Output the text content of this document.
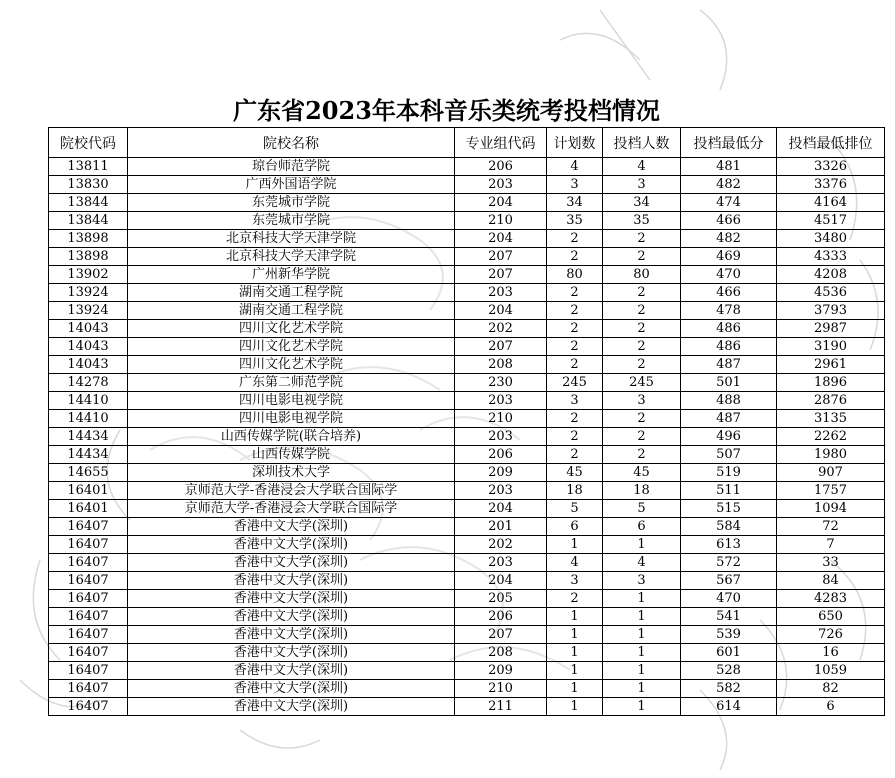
广东省2023年本科音乐类统考投档情况
院校代码	院校名称	专业组代码	计划数	投档人数	投档最低分	投档最低排位
13811	琼台师范学院	206	4	4	481	3326
13830	广西外国语学院	203	3	3	482	3376
13844	东莞城市学院	204	34	34	474	4164
13844	东莞城市学院	210	35	35	466	4517
13898	北京科技大学天津学院	204	2	2	482	3480
13898	北京科技大学天津学院	207	2	2	469	4333
13902	广州新华学院	207	80	80	470	4208
13924	湖南交通工程学院	203	2	2	466	4536
13924	湖南交通工程学院	204	2	2	478	3793
14043	四川文化艺术学院	202	2	2	486	2987
14043	四川文化艺术学院	207	2	2	486	3190
14043	四川文化艺术学院	208	2	2	487	2961
14278	广东第二师范学院	230	245	245	501	1896
14410	四川电影电视学院	203	3	3	488	2876
14410	四川电影电视学院	210	2	2	487	3135
14434	山西传媒学院(联合培养)	203	2	2	496	2262
14434	山西传媒学院	206	2	2	507	1980
14655	深圳技术大学	209	45	45	519	907
16401	京师范大学-香港浸会大学联合国际学	203	18	18	511	1757
16401	京师范大学-香港浸会大学联合国际学	204	5	5	515	1094
16407	香港中文大学(深圳)	201	6	6	584	72
16407	香港中文大学(深圳)	202	1	1	613	7
16407	香港中文大学(深圳)	203	4	4	572	33
16407	香港中文大学(深圳)	204	3	3	567	84
16407	香港中文大学(深圳)	205	2	1	470	4283
16407	香港中文大学(深圳)	206	1	1	541	650
16407	香港中文大学(深圳)	207	1	1	539	726
16407	香港中文大学(深圳)	208	1	1	601	16
16407	香港中文大学(深圳)	209	1	1	528	1059
16407	香港中文大学(深圳)	210	1	1	582	82
16407	香港中文大学(深圳)	211	1	1	614	6
